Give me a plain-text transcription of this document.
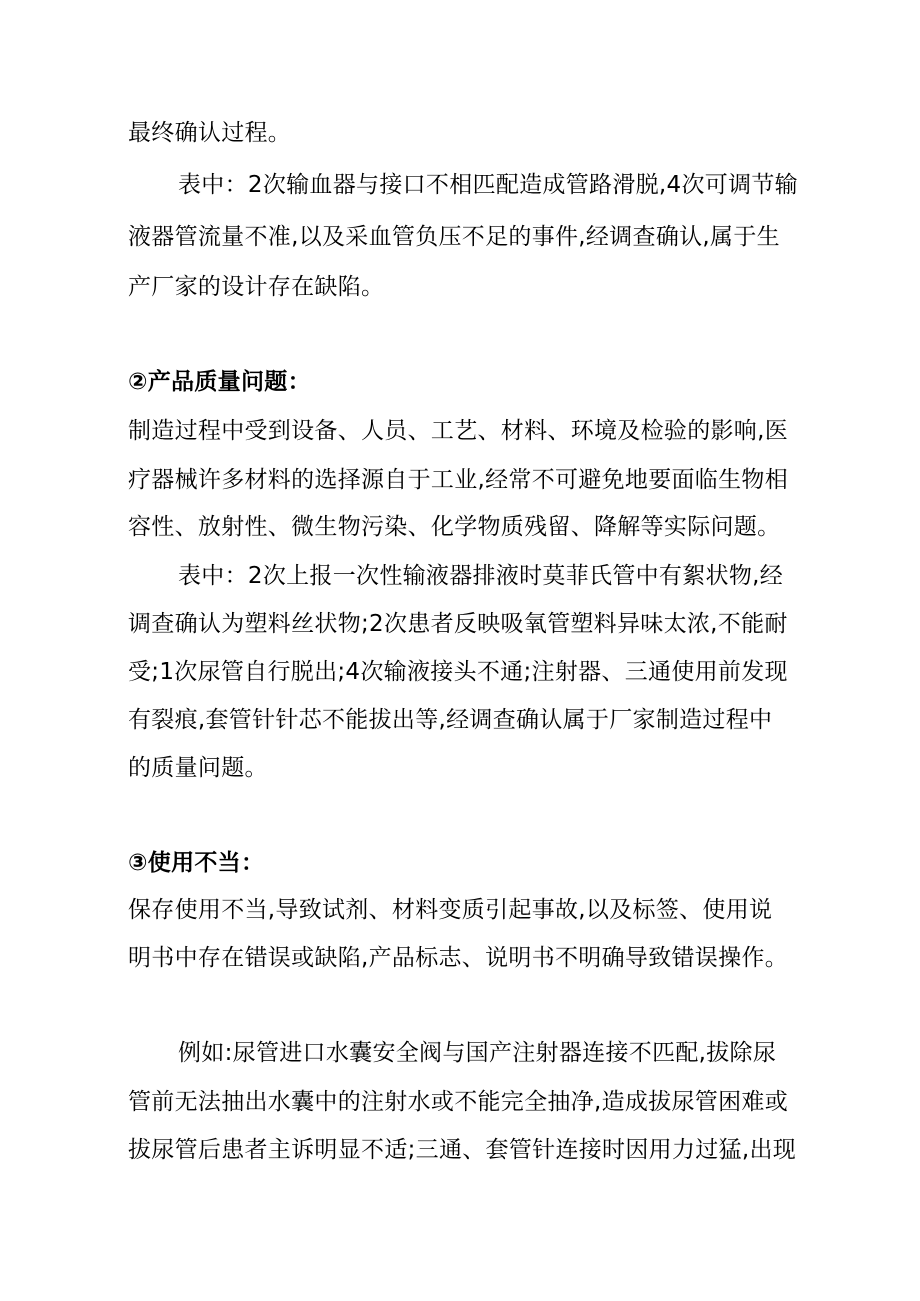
最终确认过程。
表中：2次输血器与接口不相匹配造成管路滑脱,4次可调节输
液器管流量不准,以及采血管负压不足的事件,经调查确认,属于生
产厂家的设计存在缺陷。
②产品质量问题：
制造过程中受到设备、人员、工艺、材料、环境及检验的影响,医
疗器械许多材料的选择源自于工业,经常不可避免地要面临生物相
容性、放射性、微生物污染、化学物质残留、降解等实际问题。
表中：2次上报一次性输液器排液时莫菲氏管中有絮状物,经
调查确认为塑料丝状物;2次患者反映吸氧管塑料异味太浓,不能耐
受;1次尿管自行脱出;4次输液接头不通;注射器、三通使用前发现
有裂痕,套管针针芯不能拔出等,经调查确认属于厂家制造过程中
的质量问题。
③使用不当：
保存使用不当,导致试剂、材料变质引起事故,以及标签、使用说
明书中存在错误或缺陷,产品标志、说明书不明确导致错误操作。
例如:尿管进口水囊安全阀与国产注射器连接不匹配,拔除尿
管前无法抽出水囊中的注射水或不能完全抽净,造成拔尿管困难或
拔尿管后患者主诉明显不适;三通、套管针连接时因用力过猛,出现
